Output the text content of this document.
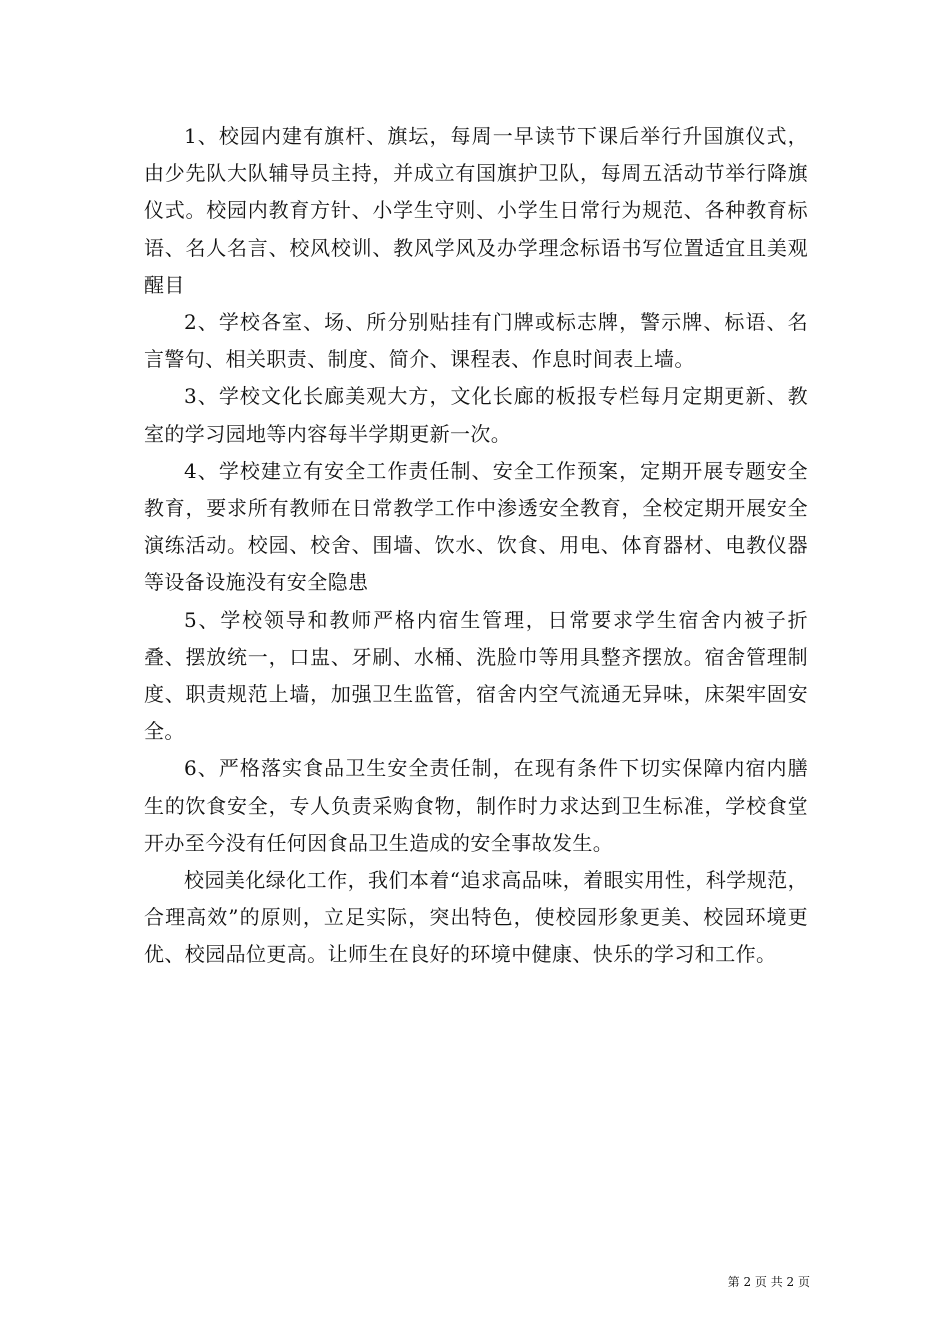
1、校园内建有旗杆、旗坛，每周一早读节下课后举行升国旗仪式，由少先队大队辅导员主持，并成立有国旗护卫队，每周五活动节举行降旗仪式。校园内教育方针、小学生守则、小学生日常行为规范、各种教育标语、名人名言、校风校训、教风学风及办学理念标语书写位置适宜且美观醒目

2、学校各室、场、所分别贴挂有门牌或标志牌，警示牌、标语、名言警句、相关职责、制度、简介、课程表、作息时间表上墙。

3、学校文化长廊美观大方，文化长廊的板报专栏每月定期更新、教室的学习园地等内容每半学期更新一次。

4、学校建立有安全工作责任制、安全工作预案，定期开展专题安全教育，要求所有教师在日常教学工作中渗透安全教育，全校定期开展安全演练活动。校园、校舍、围墙、饮水、饮食、用电、体育器材、电教仪器等设备设施没有安全隐患

5、学校领导和教师严格内宿生管理，日常要求学生宿舍内被子折叠、摆放统一，口盅、牙刷、水桶、洗脸巾等用具整齐摆放。宿舍管理制度、职责规范上墙，加强卫生监管，宿舍内空气流通无异味，床架牢固安全。

6、严格落实食品卫生安全责任制，在现有条件下切实保障内宿内膳生的饮食安全，专人负责采购食物，制作时力求达到卫生标准，学校食堂开办至今没有任何因食品卫生造成的安全事故发生。

校园美化绿化工作，我们本着“追求高品味，着眼实用性，科学规范，合理高效”的原则，立足实际，突出特色，使校园形象更美、校园环境更优、校园品位更高。让师生在良好的环境中健康、快乐的学习和工作。

第 2 页 共 2 页
